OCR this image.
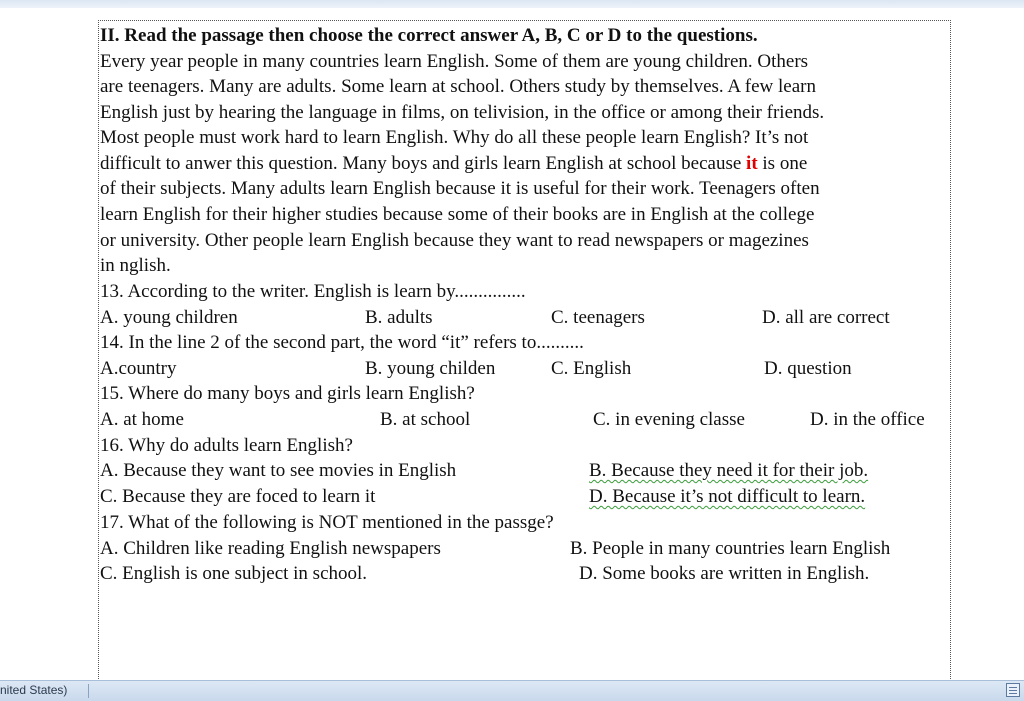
II. Read the passage then choose the correct answer A, B, C or D to the questions.
Every year people in many countries learn English. Some of them are young children. Others
are teenagers. Many are adults. Some learn at school. Others study by themselves. A few learn
English just by hearing the language in films, on telivision, in the office or among their friends.
Most people must work hard to learn English. Why do all these people learn English? It’s not
difficult to anwer this question. Many boys and girls learn English at school because it is one
of their subjects. Many adults learn English because it is useful for their work. Teenagers often
learn English for their higher studies because some of their books are in English at the college
or university. Other people learn English because they want to read newspapers or magezines
in nglish.
13. According to the writer. English is learn by...............
A. young children	B. adults	C. teenagers	D. all are correct
14. In the line 2 of the second part, the word “it” refers to..........
A.country	B. young childen	C. English	D. question
15. Where do many boys and girls learn English?
A. at home	B. at school	C. in evening classe	D. in the office
16. Why do adults learn English?
A. Because they want to see movies in English	B. Because they need it for their job.
C. Because they are foced to learn it	D. Because it’s not difficult to learn.
17. What of the following is NOT mentioned in the passge?
A. Children like reading English newspapers	B. People in many countries learn English
C. English is one subject in school.	D. Some books are written in English.
nited States)
